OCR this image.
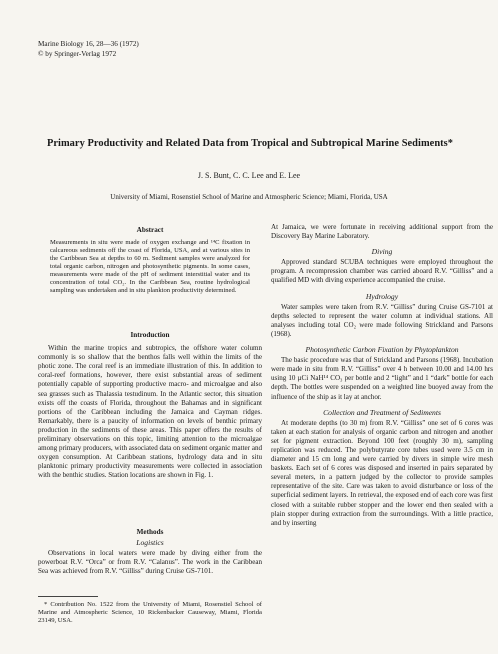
Marine Biology 16, 28—36 (1972)
© by Springer-Verlag 1972
Primary Productivity and Related Data from Tropical and Subtropical Marine Sediments*
J. S. Bunt, C. C. Lee and E. Lee
University of Miami, Rosenstiel School of Marine and Atmospheric Science; Miami, Florida, USA
Abstract
Measurements in situ were made of oxygen exchange and ¹⁴C fixation in calcareous sediments off the coast of Florida, USA, and at various sites in the Caribbean Sea at depths to 60 m. Sediment samples were analyzed for total organic carbon, nitrogen and photosynthetic pigments. In some cases, measurements were made of the pH of sediment interstitial water and its concentration of total CO₂. In the Caribbean Sea, routine hydrological sampling was undertaken and in situ plankton productivity determined.
Introduction

Within the marine tropics and subtropics, the offshore water column commonly is so shallow that the benthos falls well within the limits of the photic zone. The coral reef is an immediate illustration of this. In addition to coral-reef formations, however, there exist substantial areas of sediment potentially capable of supporting productive macro- and microalgae and also sea grasses such as Thalassia testudinum. In the Atlantic sector, this situation exists off the coasts of Florida, throughout the Bahamas and in significant portions of the Caribbean including the Jamaica and Cayman ridges. Remarkably, there is a paucity of information on levels of benthic primary production in the sediments of these areas. This paper offers the results of preliminary observations on this topic, limiting attention to the microalgae among primary producers, with associated data on sediment organic matter and oxygen consumption. At Caribbean stations, hydrology data and in situ planktonic primary productivity measurements were collected in association with the benthic studies. Station locations are shown in Fig. 1.

Methods
Logistics

Observations in local waters were made by diving either from the powerboat R.V. “Orca” or from R.V. “Calanus”. The work in the Caribbean Sea was achieved from R.V. “Gilliss” during Cruise GS-7101.

* Contribution No. 1522 from the University of Miami, Rosenstiel School of Marine and Atmospheric Science, 10 Rickenbacker Causeway, Miami, Florida 23149, USA.

At Jamaica, we were fortunate in receiving additional support from the Discovery Bay Marine Laboratory.

Diving

Approved standard SCUBA techniques were employed throughout the program. A recompression chamber was carried aboard R.V. “Gilliss” and a qualified MD with diving experience accompanied the cruise.

Hydrology

Water samples were taken from R.V. “Gilliss” during Cruise GS-7101 at depths selected to represent the water column at individual stations. All analyses including total CO₂ were made following Strickland and Parsons (1968).

Photosynthetic Carbon Fixation by Phytoplankton

The basic procedure was that of Strickland and Parsons (1968). Incubation were made in situ from R.V. “Gilliss” over 4 h between 10.00 and 14.00 hrs using 10 µCi NaH¹⁴ CO₃ per bottle and 2 “light” and 1 “dark” bottle for each depth. The bottles were suspended on a weighted line buoyed away from the influence of the ship as it lay at anchor.

Collection and Treatment of Sediments

At moderate depths (to 30 m) from R.V. “Gilliss” one set of 6 cores was taken at each station for analysis of organic carbon and nitrogen and another set for pigment extraction. Beyond 100 feet (roughly 30 m), sampling replication was reduced. The polybutyrate core tubes used were 3.5 cm in diameter and 15 cm long and were carried by divers in simple wire mesh baskets. Each set of 6 cores was disposed and inserted in pairs separated by several meters, in a pattern judged by the collector to provide samples representative of the site. Care was taken to avoid disturbance or loss of the superficial sediment layers. In retrieval, the exposed end of each core was first closed with a suitable rubber stopper and the lower end then sealed with a plain stopper during extraction from the surroundings. With a little practice, and by inserting
